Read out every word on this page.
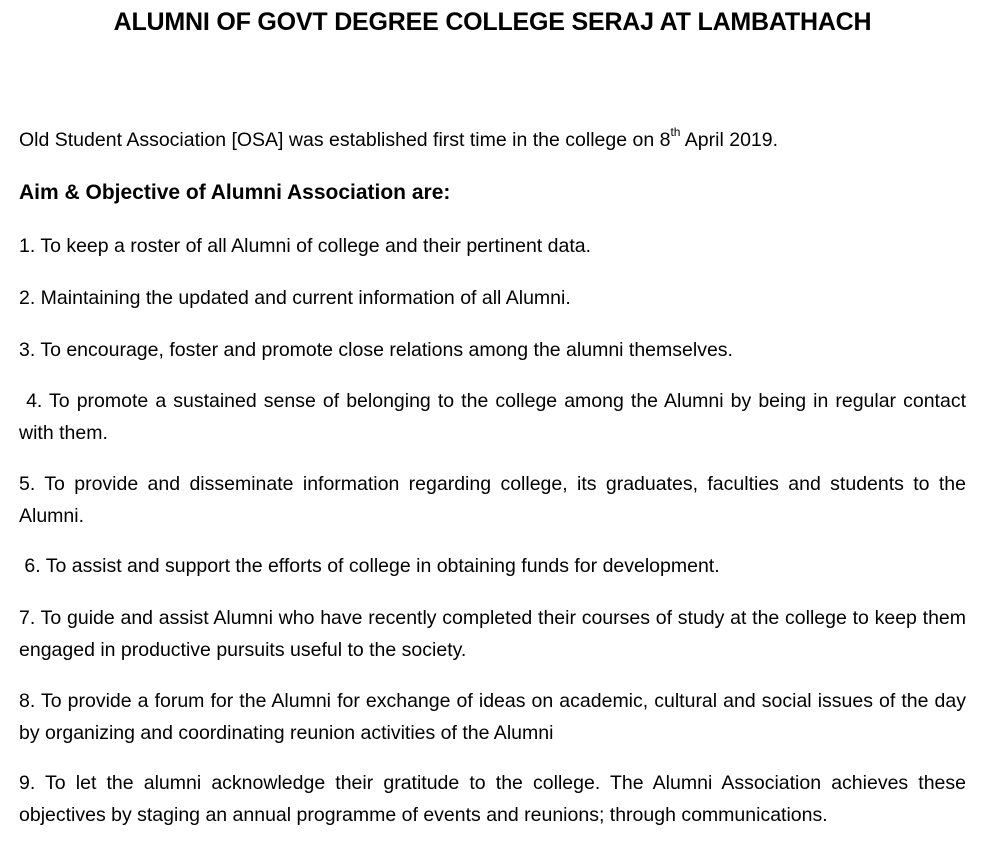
ALUMNI OF GOVT DEGREE COLLEGE SERAJ AT LAMBATHACH

Old Student Association [OSA] was established first time in the college on 8th April 2019.

Aim & Objective of Alumni Association are:

1. To keep a roster of all Alumni of college and their pertinent data.

2. Maintaining the updated and current information of all Alumni.

3. To encourage, foster and promote close relations among the alumni themselves.

4. To promote a sustained sense of belonging to the college among the Alumni by being in regular contact with them.

5. To provide and disseminate information regarding college, its graduates, faculties and students to the Alumni.

6. To assist and support the efforts of college in obtaining funds for development.

7. To guide and assist Alumni who have recently completed their courses of study at the college to keep them engaged in productive pursuits useful to the society.

8. To provide a forum for the Alumni for exchange of ideas on academic, cultural and social issues of the day by organizing and coordinating reunion activities of the Alumni

9. To let the alumni acknowledge their gratitude to the college. The Alumni Association achieves these objectives by staging an annual programme of events and reunions; through communications.
